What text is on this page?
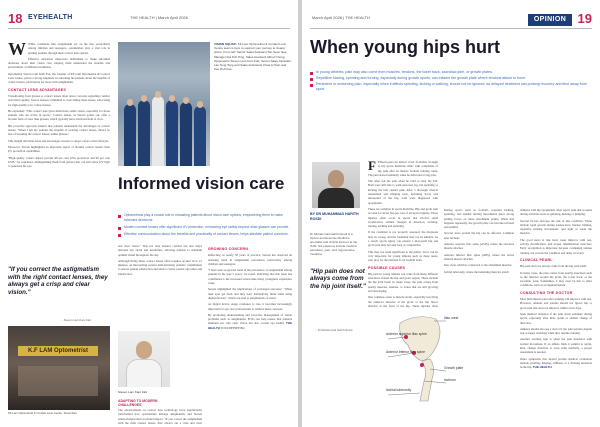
18 EYEHEALTH	THE HEALTH | March April 2026

W While conditions like astigmatism are on the rise, particularly among children and teenagers, optometrists play a vital role in guiding patients through their contact lens options.

Effective education empowers individuals to make informed decisions about their vision care, helping them understand the benefits and practicalities of different treatments.

Optometrist Steven Lam Kam Fatt, the founder of KF Lam Optometrist & Contact Lens Centre, places a strong emphasis on educating his patients about the benefits of contact lenses, particularly for those with astigmatism.

CONTACT LENS ADVANTAGES

Transitioning from glasses to contact lenses often raises concerns regarding comfort and vision quality. Severe tension committed to overcoming these issues, advocating for high-quality toric contact lenses.

He explained: "This contact lens gives them more stable vision, especially for those patients who are active in sports." Contact lenses, as Steven points out, offer a broader field of view than glasses, which typically have restricted field of view.

His proactive approach ensures that patients understand the advantages of contact lenses: "When I tell my patients the benefits of wearing contact lenses, there's no fear of breaking the contact lenses, unlike glasses."

This insight alleviates fears and encourages wearers to adopt a more active lifestyle.

Moreover, Steven highlighted an important aspect of modern contact lenses: their UV protection capabilities.

"High-quality contact lenses provide 96 per cent UVA protection and 99 per cent UVB," he explained, distinguishing them from glasses that can still allow UV light to penetrate the eye.

VISION SQUAD: KF Lam Optometrist & Contact Lens Centre team is here to support your journey to clearer vision. From left: Senior Sales Assistant Tan Seen Hee, Manager Doi Poh Ping, Sales Assistant Alfred Chong, Optometrist Steven Lam Kam Fatt, Senior Sales Assistant Lau Teng Teng and Sales Assistants Chua Ai Kian and Kee Poh Kee.
Informed vision care
Optometrists play a crucial role in educating patients about vision care options, empowering them to make informed decisions.
Modern contact lenses offer significant UV protection, enhancing eye safety beyond what glasses can provide.
Effective communication about the benefits and practicality of contact lenses, helps alleviate patient concerns.

and clear vision." This not only ensures comfort but also helps alleviate eye strain and headaches, allowing patients to maintain optimal visual throughout the day.

Although fitting these contact lenses often requires around 10 to 15 minutes, an intersecting session demonstrating patients' commitment to ensure patient satisfaction and ideal to better patient outcomes and satisfaction.

GROWING CONCERN

Reflecting on nearly 38 years of practice, Steven has observed an alarming trend in astigmatism prevalence, particularly among children and teenagers.

"I have seen an upward trend in the prevalence of astigmatism among patients in the past 5 years," he noted, indicating that this issue has contributed to the increased screen time many youngsters experience today.

Steven highlighted the implications of prolonged exposure: "When their eyes get tired, and they don't instinctively blink while using digital devices," which can lead to astigmatism of vision.

As digital device usage continues to rise, it becomes increasingly important for eye care professionals to address these concerns.

By promoting understanding and proactive management of vision problems such as astigmatism, ECPs can help ensure that patients maintain not only clear vision but also overall eye health. THE HEALTH TOU230FPSEE094

"If you correct the astigmatism with the right contact lenses, they always get a crisp and clear vision."
- Steven Lam Kam Fatt
K.F LAM Optometrist
KF Lam Optometrist & Contact Lens Centre, Seremban.
Steven Lam Kam Fatt
ADAPTING TO MODERN CHALLENGES

The advancements in contact lens technology have significantly transformed how optometrists manage astigmatism, and Steven acknowledged their profound impact. "If you correct the astigmatism with the right contact lenses, they always get a crisp and clear

March April 2026 | THE HEALTH	19
OPINION
When young hips hurt
In young athletes, pain may also come from muscles, tendons, the lower back, sacroiliac joint, or growth plates.
Repetitive kicking, sprinting and turning, especially during growth spurts, can inflame the growth plate where tendons attach to bone.
Persistent or worsening pain, especially when it affects sprinting, kicking or walking, should not be ignored, as delayed treatment can prolong recovery and time away from sport.
BY DR MUHAMMAD HARITH ROSDI
Dr Muhammad Harith Rosdi is a Sports and Exercise Medicine specialist and clinical lecturer at the IIUM. His passions include medical education, pain, and regenerative medicine.
"Hip pain does not always come from the hip joint itself."
- Dr Muhammad Harith Rosdi

F Fifteen-year-old district level footballer brought to my sports medicine clinic with complaints of hip pain after an intense football training camp. The pain started suddenly when he delivered a long pass.

The other felt the pain when he tried to clear the ball. Both were still able to walk and even jog, but sprinting or kicking the ball caused pain. After a thorough clinical assessment and imaging tests, including X-ray and ultrasound of the hip, both were diagnosed with apophysitis.

These are common in sports medicine. Hip and groin pain account for about five per cent of all sports injuries. These injuries often occur in sports that involve rapid acceleration, sudden changes in direction, twisting, turning, kicking and sprinting.

If the condition is not properly assessed, the diagnosis may be wrong, and the treatment may not be suitable. As a result, sports injury can extend a short-term hip and groin pain may become long or competitive.

This may not seem significant to the public, but it can be very important for young athletes such as these teens, who play for the national U-16 football team.

POSSIBLE CAUSES

Hip pain in young athletes can come from many different structures around the hip and groin region. These include the hip joint itself. In many cases, the pain comes from nearby muscles, tendons, or bones that are still growing and developing.

One common cause is muscle strain, especially involving the adductor muscles at the groin or the hip flexor muscles at the front of the hip. These injuries often

During sports such as football, repeated kicking, sprinting, and sudden turning movements place strong pulling forces on these attachment points. When this happens repeatedly, the growth plate can become irritated and painful.

Several areas around the hip can be affected. Common sites include:

Anterior superior iliac spine (ASIS), where the sartorius muscle attaches

Anterior inferior iliac spine (AIIS), where the rectus femoris muscle attaches

Iliac crest, which is connected to the abdominal muscles

Ischial tuberosity, where the hamstring muscles attach

Athletes with hip apophysitis often report pain that worsens during activities such as sprinting, kicking or jumping.

Several factors increase the risk of this condition. These include rapid growth during adolescence, intense training, repetitive kicking movements, and tight or weak hip muscles.

The good news is that most cases improve with rest, activity modification, and proper rehabilitation exercises. Early recognition is important because continuing intense training can worsen the condition and delay recovery.

CLINICAL PEARL

Hip pain does not always come from the hip joint itself.

In many cases, the pain comes from nearby structures such as the muscles around the groin, the lower back, or the sacroiliac joint. Sometimes, it may even be due to other conditions, such as an inguinal hernia.

CONSULTING THE DOCTOR

Most mild muscle pain after training will improve with rest. However, athletes and parents should not ignore hip or groin pain that does not improve within a few days.

Seek medical attention if the pain starts suddenly during sports, especially after kick, sprint or sudden change of direction.

Athletes should also see a doctor if the pain persists despite rest or keeps returning when they resume training.

Another warning sign is when the pain interferes with normal movement. If an athlete finds it painful to sprint, kick, change direction or even walk normally, a proper assessment is needed.

Other symptoms that should prompt medical evaluation include swelling, limping, stiffness, or a clicking sensation in the hip. THE HEALTH

Iliac crest
Anterior superior iliac spine
Anterior inferior iliac spine
Growth plate
Ischium
Ischial tuberosity
